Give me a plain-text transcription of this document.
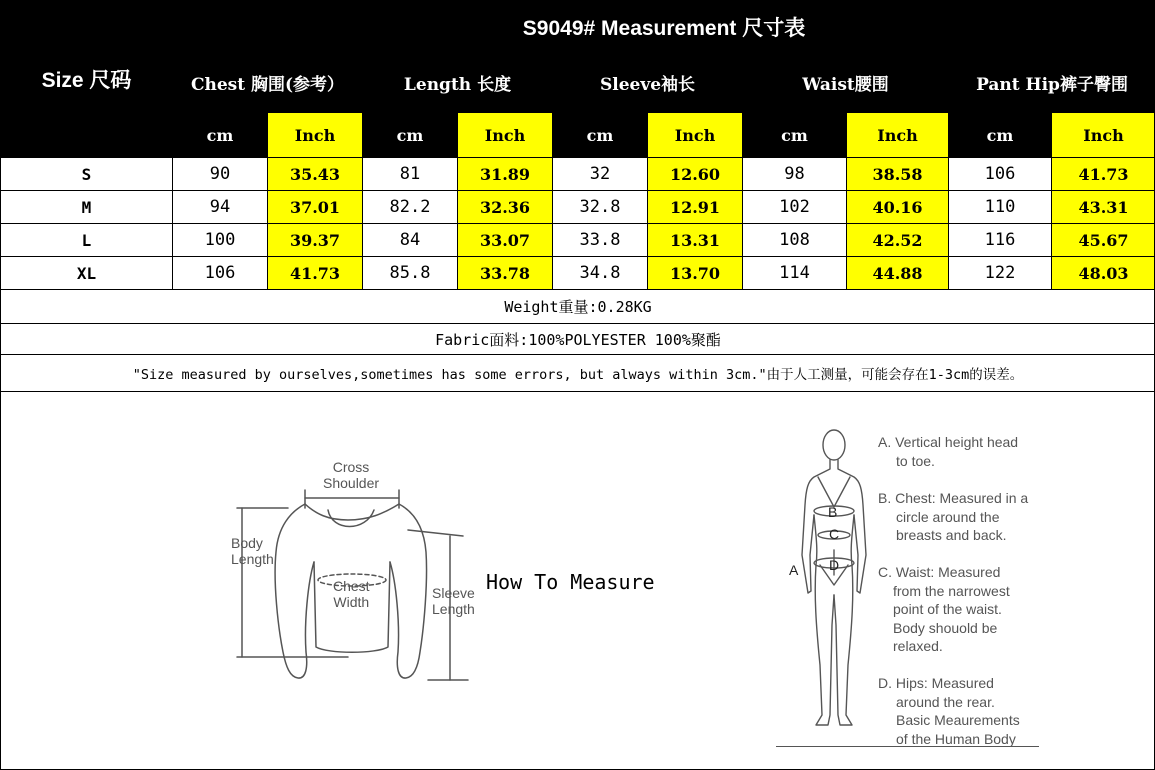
Size 尺码	S9049# Measurement 尺寸表									
	Chest 胸围(参考）		Length 长度		Sleeve袖长		Waist腰围		Pant Hip裤子臀围	
	cm	Inch	cm	Inch	cm	Inch	cm	Inch	cm	Inch
S	90	35.43	81	31.89	32	12.60	98	38.58	106	41.73
M	94	37.01	82.2	32.36	32.8	12.91	102	40.16	110	43.31
L	100	39.37	84	33.07	33.8	13.31	108	42.52	116	45.67
XL	106	41.73	85.8	33.78	34.8	13.70	114	44.88	122	48.03
Weight重量:0.28KG										
Fabric面料:100%POLYESTER 100%聚酯										
"Size measured by ourselves,sometimes has some errors, but always within 3cm."由于人工测量，可能会存在1-3cm的误差。										
Cross
Shoulder
Body
Length
Chest
Width
Sleeve
Length
How To Measure
B
C
D
A
A. Vertical height head
to toe.
B. Chest: Measured in a
circle around the
breasts and back.
C. Waist: Measured
from the narrowest
point of the waist.
Body shouold be
relaxed.
D. Hips: Measured
around the rear.
Basic Meaurements
of the Human Body
